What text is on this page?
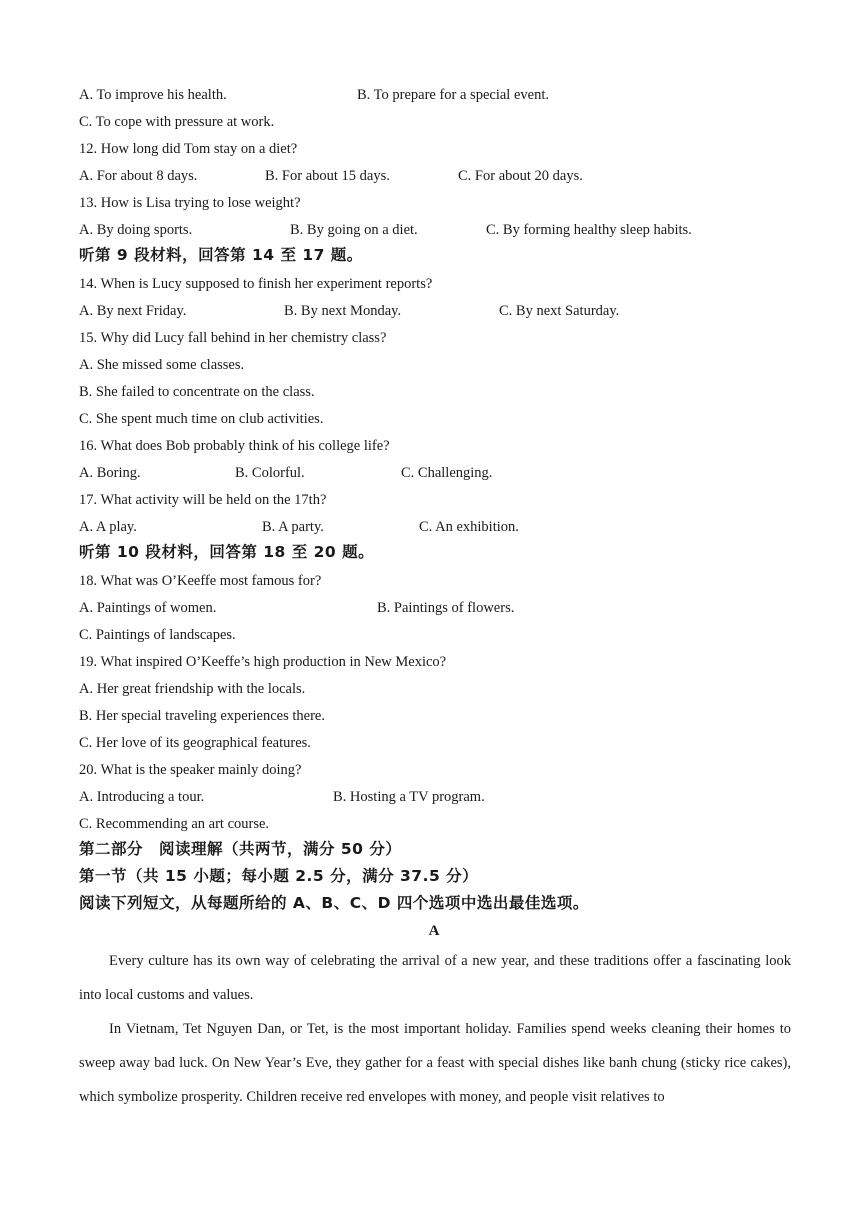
A. To improve his health.	B. To prepare for a special event.
C. To cope with pressure at work.
12. How long did Tom stay on a diet?
A. For about 8 days.	B. For about 15 days.	C. For about 20 days.
13. How is Lisa trying to lose weight?
A. By doing sports.	B. By going on a diet.	C. By forming healthy sleep habits.
听第 9 段材料，回答第 14 至 17 题。
14. When is Lucy supposed to finish her experiment reports?
A. By next Friday.	B. By next Monday.	C. By next Saturday.
15. Why did Lucy fall behind in her chemistry class?
A. She missed some classes.
B. She failed to concentrate on the class.
C. She spent much time on club activities.
16. What does Bob probably think of his college life?
A. Boring.	B. Colorful.	C. Challenging.
17. What activity will be held on the 17th?
A. A play.	B. A party.	C. An exhibition.
听第 10 段材料，回答第 18 至 20 题。
18. What was O’Keeffe most famous for?
A. Paintings of women.	B. Paintings of flowers.
C. Paintings of landscapes.
19. What inspired O’Keeffe’s high production in New Mexico?
A. Her great friendship with the locals.
B. Her special traveling experiences there.
C. Her love of its geographical features.
20. What is the speaker mainly doing?
A. Introducing a tour.	B. Hosting a TV program.
C. Recommending an art course.
第二部分　阅读理解（共两节，满分 50 分）
第一节（共 15 小题；每小题 2.5 分，满分 37.5 分）
阅读下列短文，从每题所给的 A、B、C、D 四个选项中选出最佳选项。
A
Every culture has its own way of celebrating the arrival of a new year, and these traditions offer a fascinating look into local customs and values.
In Vietnam, Tet Nguyen Dan, or Tet, is the most important holiday. Families spend weeks cleaning their homes to sweep away bad luck. On New Year’s Eve, they gather for a feast with special dishes like banh chung (sticky rice cakes), which symbolize prosperity. Children receive red envelopes with money, and people visit relatives to
